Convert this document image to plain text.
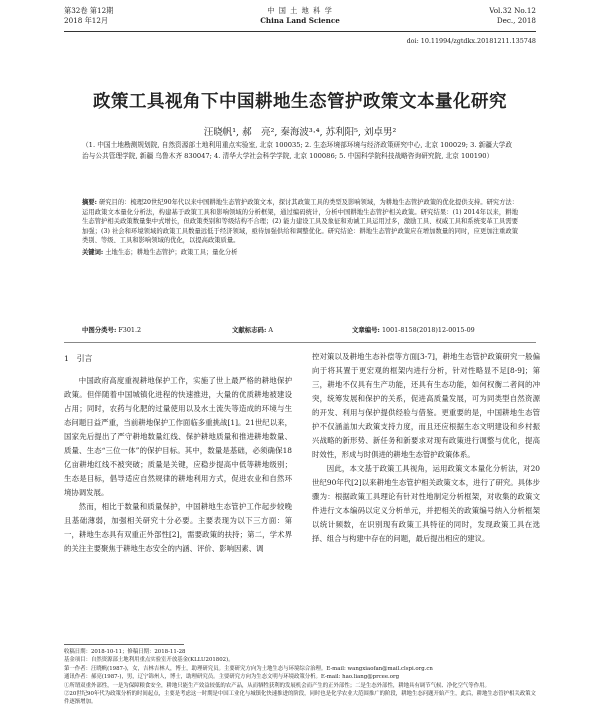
第32卷 第12期
2018 年12月
中 国 土 地 科 学
China Land Science
Vol.32 No.12
Dec., 2018
doi: 10.11994/zgtdkx.20181211.135748
政策工具视角下中国耕地生态管护政策文本量化研究
汪晓帆¹, 郝　亮², 秦海波³·⁴, 苏利阳⁵, 刘卓男²
（1. 中国土地勘测规划院, 自然资源部土地利用重点实验室, 北京 100035; 2. 生态环境部环境与经济政策研究中心, 北京 100029; 3. 新疆大学政治与公共管理学院, 新疆 乌鲁木齐 830047; 4. 清华大学社会科学学院, 北京 100086; 5. 中国科学院科技战略咨询研究院, 北京 100190）
摘要: 研究目的：梳理20世纪90年代以来中国耕地生态管护政策文本，探讨其政策工具的类型及影响领域，为耕地生态管护政策的优化提供支持。研究方法：运用政策文本量化分析法，构建基于政策工具和影响领域的分析框架，通过编码统计，分析中国耕地生态管护相关政策。研究结果：(1) 2014年以来，耕地生态管护相关政策数量集中式增长，但政策类别和等级结构不合理；(2) 能力建设工具及象征和劝诫工具运用过多，激励工具、权威工具和系统变革工具需要加强；(3) 社会和环境领域的政策工具数量远低于经济领域，亟待加强供给和调整优化。研究结论：耕地生态管护政策应在增加数量的同时，应更加注重政策类别、等级、工具和影响领域的优化，以提高政策质量。
关键词: 土地生态；耕地生态管护；政策工具；量化分析
中图分类号: F301.2	文献标志码: A	文章编号: 1001-8158(2018)12-0015-09
1　引言

中国政府高度重视耕地保护工作，实施了世上最严格的耕地保护政策。但伴随着中国城镇化进程的快速推进，大量的优质耕地被建设占用；同时，农药与化肥的过量使用以及水土流失等造成的环境与生态问题日益严重，当前耕地保护工作面临多重挑战[1]。21世纪以来，国家先后提出了严守耕地数量红线、保护耕地质量和推进耕地数量、质量、生态“三位一体”的保护目标。其中，数量是基础，必须确保18亿亩耕地红线不被突破；质量是关键，应稳步提高中低等耕地级别；生态是目标，倡导适应自然规律的耕地利用方式，促进农业和自然环境协调发展。

然而，相比于数量和质量保护，中国耕地生态管护工作起步较晚且基础薄弱，加强相关研究十分必要。主要表现为以下三方面：第一，耕地生态具有双重正外部性[2]，需要政策的扶持；第二，学术界的关注主要聚焦于耕地生态安全的内涵、评价、影响因素、调

控对策以及耕地生态补偿等方面[3-7]，耕地生态管护政策研究一般偏向于将其置于更宏观的框架内进行分析，针对性略显不足[8-9]；第三，耕地不仅具有生产功能，还具有生态功能，如何权衡二者间的冲突，统筹发展和保护的关系，促进高质量发展，可为同类型自然资源的开发、利用与保护提供经验与借鉴。更重要的是，中国耕地生态管护不仅涵盖加大政策支持力度，而且还应根据生态文明建设和乡村振兴战略的新形势、新任务和新要求对现有政策进行调整与优化，提高时效性，形成与时俱进的耕地生态管护政策体系。

因此，本文基于政策工具视角，运用政策文本量化分析法，对20世纪90年代[2]以来耕地生态管护相关政策文本，进行了研究。具体步骤为：根据政策工具理论有针对性地制定分析框架，对收集的政策文件进行文本编码以定义分析单元，并把相关的政策编号纳入分析框架以统计频数，在识别现有政策工具特征的同时，发现政策工具在选择、组合与构建中存在的问题，最后提出相应的建议。

收稿日期：2018-10-11；修稿日期：2018-11-28

基金项目：自然资源部土地利用重点实验室开放基金(KLLU201802)。

第一作者：汪晓帆(1987-)，女，吉林吉林人，博士，助理研究员。主要研究方向为土地生态与环境综合治理。E-mail: wangxiaofan@mail.clspi.org.cn

通讯作者：郝亮(1987-)，男，辽宁锦州人，博士，助理研究员。主要研究方向为生态文明与环境政策分析。E-mail: hao.liang@prcee.org

①所谓双重外部性，一是为保障粮食安全，耕地只能生产效益较低的农产品，从而牺牲获利的发展机会而产生的正外部性；二是生态外部性，耕地具有调节气候、净化空气等作用。

②20世纪90年代为政策分析的时间起点，主要是考虑这一时期是中国工业化与城镇化快速推进的阶段，同时也是化学农业大范围推广的阶段，耕地生态问题开始产生，此后，耕地生态管护相关政策文件逐渐增加。
